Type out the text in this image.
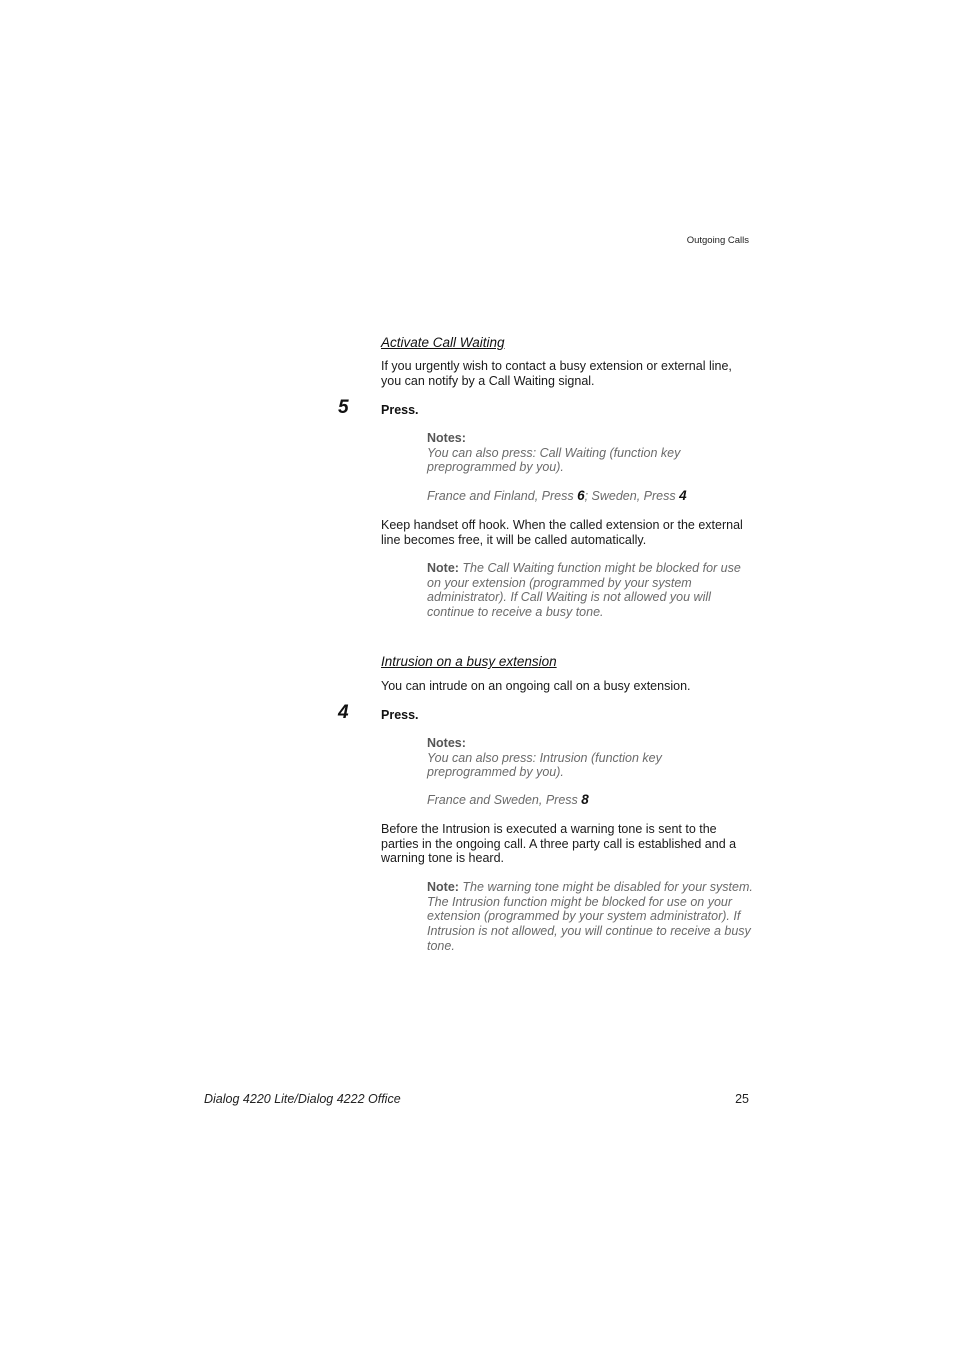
Outgoing Calls
Activate Call Waiting
If you urgently wish to contact a busy extension or external line, you can notify by a Call Waiting signal.
5	Press.
Notes:
You can also press: Call Waiting (function key preprogrammed by you).
France and Finland, Press 6; Sweden, Press 4
Keep handset off hook. When the called extension or the external line becomes free, it will be called automatically.
Note: The Call Waiting function might be blocked for use on your extension (programmed by your system administrator). If Call Waiting is not allowed you will continue to receive a busy tone.
Intrusion on a busy extension
You can intrude on an ongoing call on a busy extension.
4	Press.
Notes:
You can also press: Intrusion (function key preprogrammed by you).
France and Sweden, Press 8
Before the Intrusion is executed a warning tone is sent to the parties in the ongoing call. A three party call is established and a warning tone is heard.
Note: The warning tone might be disabled for your system. The Intrusion function might be blocked for use on your extension (programmed by your system administrator). If Intrusion is not allowed, you will continue to receive a busy tone.
Dialog 4220 Lite/Dialog 4222 Office	25
